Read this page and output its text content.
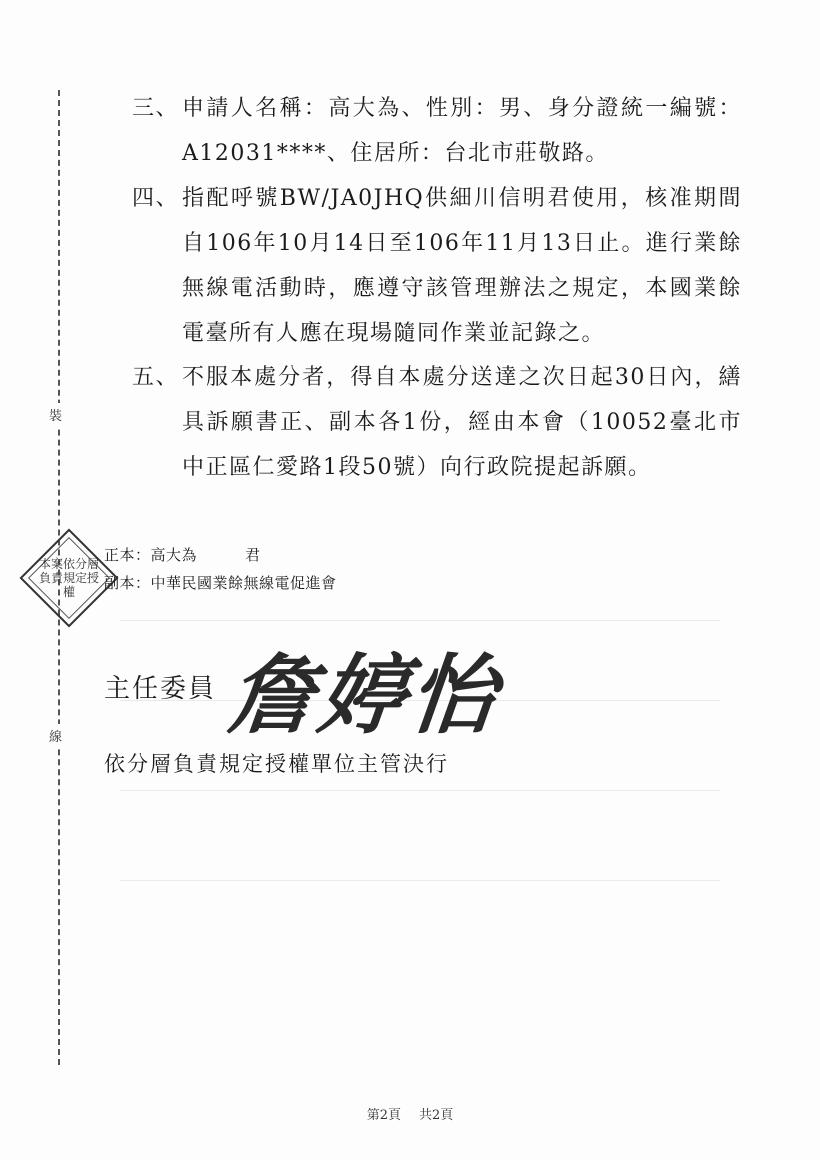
裝
線
三、 申請人名稱：高大為、性別：男、身分證統一編號：A12031****、住居所：台北市莊敬路。
四、 指配呼號BW/JA0JHQ供細川信明君使用，核准期間自106年10月14日至106年11月13日止。進行業餘無線電活動時，應遵守該管理辦法之規定，本國業餘電臺所有人應在現場隨同作業並記錄之。
五、 不服本處分者，得自本處分送達之次日起30日內，繕具訴願書正、副本各1份，經由本會（10052臺北市中正區仁愛路1段50號）向行政院提起訴願。
本案依分層負責規定授權
正本：高大為	君
副本：中華民國業餘無線電促進會
主任委員 詹婷怡
依分層負責規定授權單位主管決行
第2頁 共2頁
